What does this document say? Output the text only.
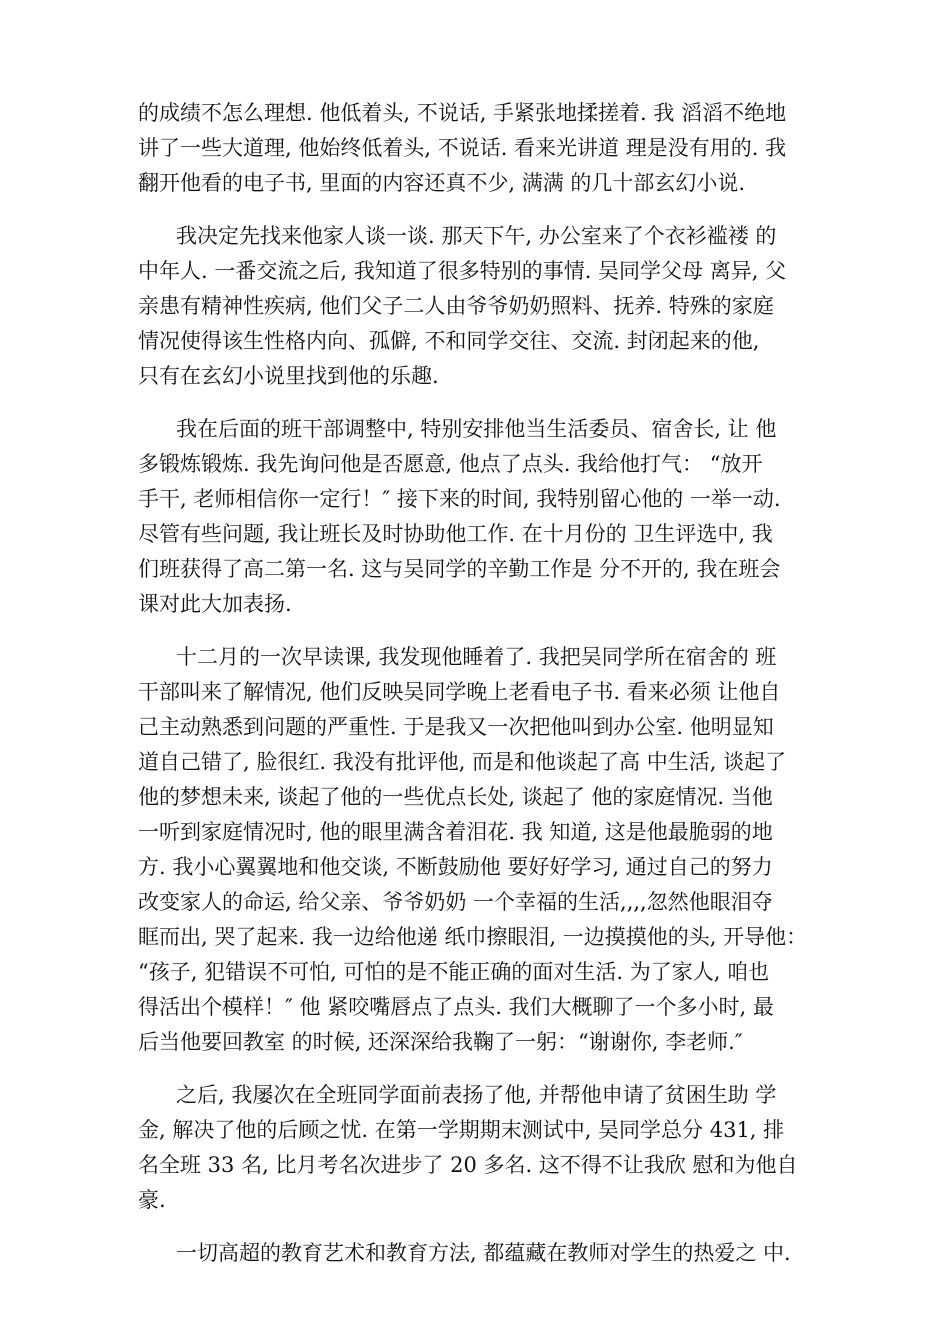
的成绩不怎么理想. 他低着头, 不说话, 手紧张地揉搓着. 我 滔滔不绝地
讲了一些大道理, 他始终低着头, 不说话. 看来光讲道 理是没有用的. 我
翻开他看的电子书, 里面的内容还真不少, 满满 的几十部玄幻小说.
我决定先找来他家人谈一谈. 那天下午, 办公室来了个衣衫褴褛 的
中年人. 一番交流之后, 我知道了很多特别的事情. 吴同学父母 离异, 父
亲患有精神性疾病, 他们父子二人由爷爷奶奶照料、抚养. 特殊的家庭
情况使得该生性格内向、孤僻, 不和同学交往、交流. 封闭起来的他,
只有在玄幻小说里找到他的乐趣.
我在后面的班干部调整中, 特别安排他当生活委员、宿舍长, 让 他
多锻炼锻炼. 我先询问他是否愿意, 他点了点头. 我给他打气： “放开
手干, 老师相信你一定行！″ 接下来的时间, 我特别留心他的 一举一动.
尽管有些问题, 我让班长及时协助他工作. 在十月份的 卫生评选中, 我
们班获得了高二第一名. 这与吴同学的辛勤工作是 分不开的, 我在班会
课对此大加表扬.
十二月的一次早读课, 我发现他睡着了. 我把吴同学所在宿舍的 班
干部叫来了解情况, 他们反映吴同学晚上老看电子书. 看来必须 让他自
己主动熟悉到问题的严重性. 于是我又一次把他叫到办公室. 他明显知
道自己错了, 脸很红. 我没有批评他, 而是和他谈起了高 中生活, 谈起了
他的梦想未来, 谈起了他的一些优点长处, 谈起了 他的家庭情况. 当他
一听到家庭情况时, 他的眼里满含着泪花. 我 知道, 这是他最脆弱的地
方. 我小心翼翼地和他交谈, 不断鼓励他 要好好学习, 通过自己的努力
改变家人的命运, 给父亲、爷爷奶奶 一个幸福的生活,,,,忽然他眼泪夺
眶而出, 哭了起来. 我一边给他递 纸巾擦眼泪, 一边摸摸他的头, 开导他：
“孩子, 犯错误不可怕, 可怕的是不能正确的面对生活. 为了家人, 咱也
得活出个模样！″ 他 紧咬嘴唇点了点头. 我们大概聊了一个多小时, 最
后当他要回教室 的时候, 还深深给我鞠了一躬：“谢谢你, 李老师.″
之后, 我屡次在全班同学面前表扬了他, 并帮他申请了贫困生助 学
金, 解决了他的后顾之忧. 在第一学期期末测试中, 吴同学总分 431, 排
名全班 33 名, 比月考名次进步了 20 多名. 这不得不让我欣 慰和为他自
豪.
一切高超的教育艺术和教育方法, 都蕴藏在教师对学生的热爱之 中.
